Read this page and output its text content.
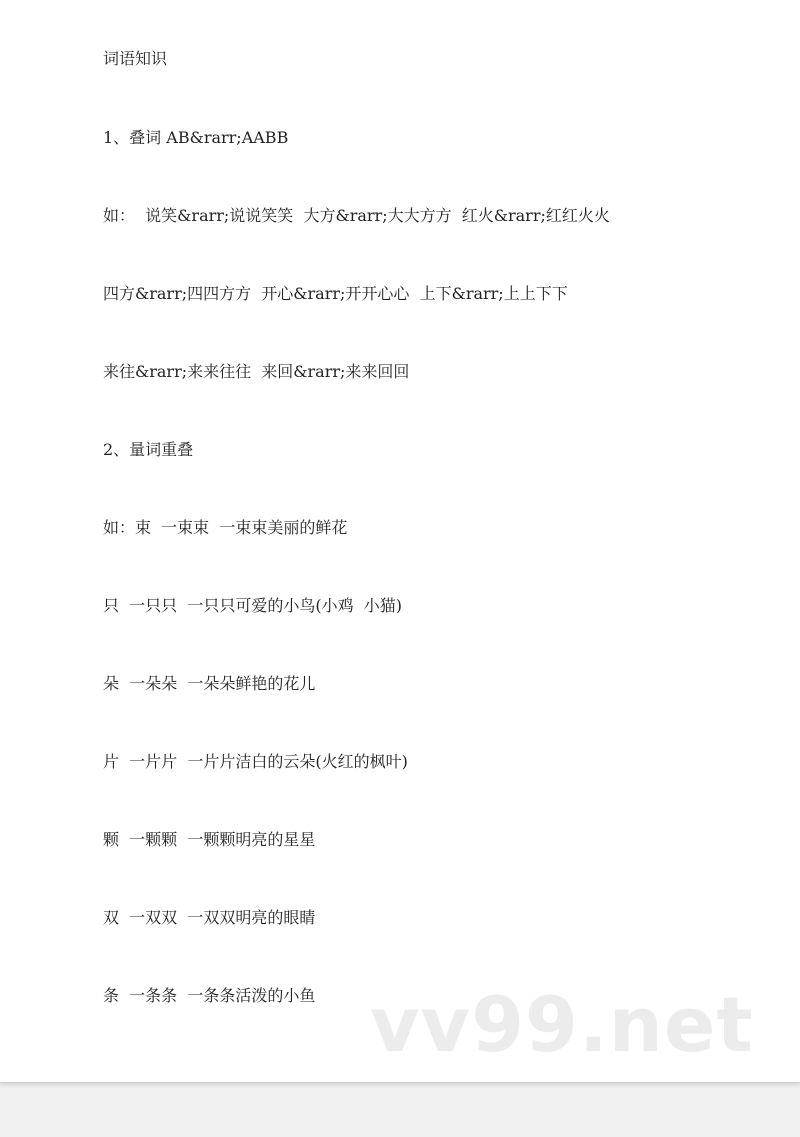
词语知识
1、叠词 AB&rarr;AABB
如：  说笑&rarr;说说笑笑  大方&rarr;大大方方  红火&rarr;红红火火
四方&rarr;四四方方  开心&rarr;开开心心  上下&rarr;上上下下
来往&rarr;来来往往  来回&rarr;来来回回
2、量词重叠
如：束  一束束  一束束美丽的鲜花
只  一只只  一只只可爱的小鸟(小鸡  小猫)
朵  一朵朵  一朵朵鲜艳的花儿
片  一片片  一片片洁白的云朵(火红的枫叶)
颗  一颗颗  一颗颗明亮的星星
双  一双双  一双双明亮的眼睛
条  一条条  一条条活泼的小鱼 vv99.net
